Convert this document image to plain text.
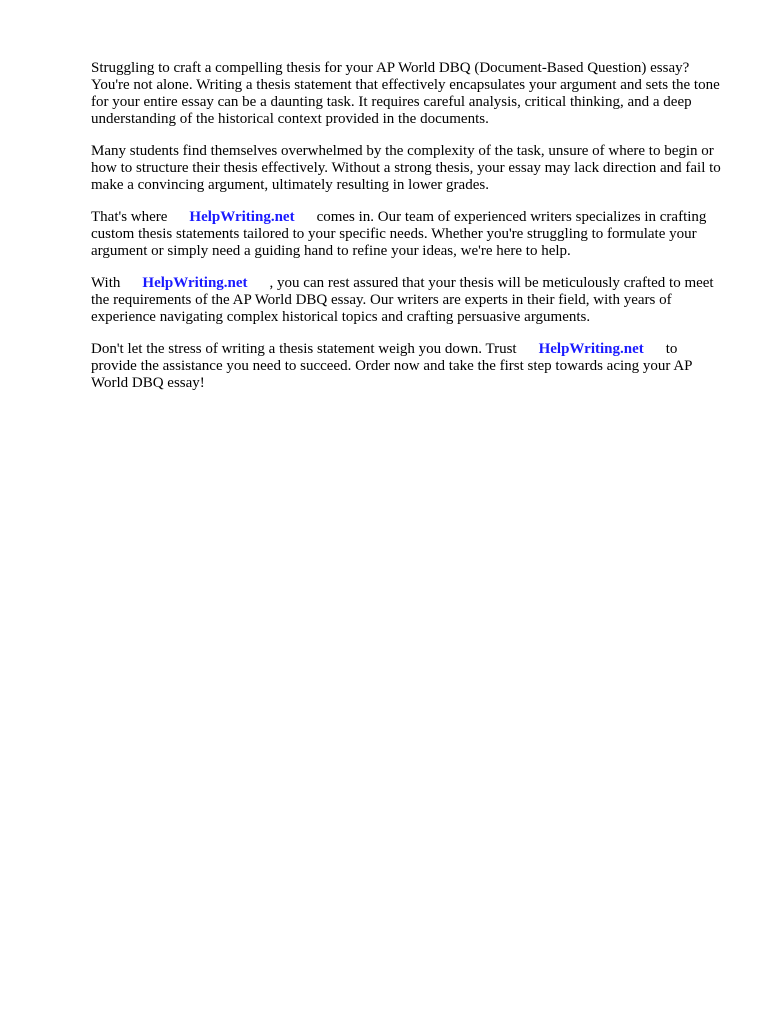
Struggling to craft a compelling thesis for your AP World DBQ (Document-Based Question) essay? You're not alone. Writing a thesis statement that effectively encapsulates your argument and sets the tone for your entire essay can be a daunting task. It requires careful analysis, critical thinking, and a deep understanding of the historical context provided in the documents.

Many students find themselves overwhelmed by the complexity of the task, unsure of where to begin or how to structure their thesis effectively. Without a strong thesis, your essay may lack direction and fail to make a convincing argument, ultimately resulting in lower grades.

That's where HelpWriting.net comes in. Our team of experienced writers specializes in crafting custom thesis statements tailored to your specific needs. Whether you're struggling to formulate your argument or simply need a guiding hand to refine your ideas, we're here to help.

With HelpWriting.net , you can rest assured that your thesis will be meticulously crafted to meet the requirements of the AP World DBQ essay. Our writers are experts in their field, with years of experience navigating complex historical topics and crafting persuasive arguments.

Don't let the stress of writing a thesis statement weigh you down. Trust HelpWriting.net to provide the assistance you need to succeed. Order now and take the first step towards acing your AP World DBQ essay!
